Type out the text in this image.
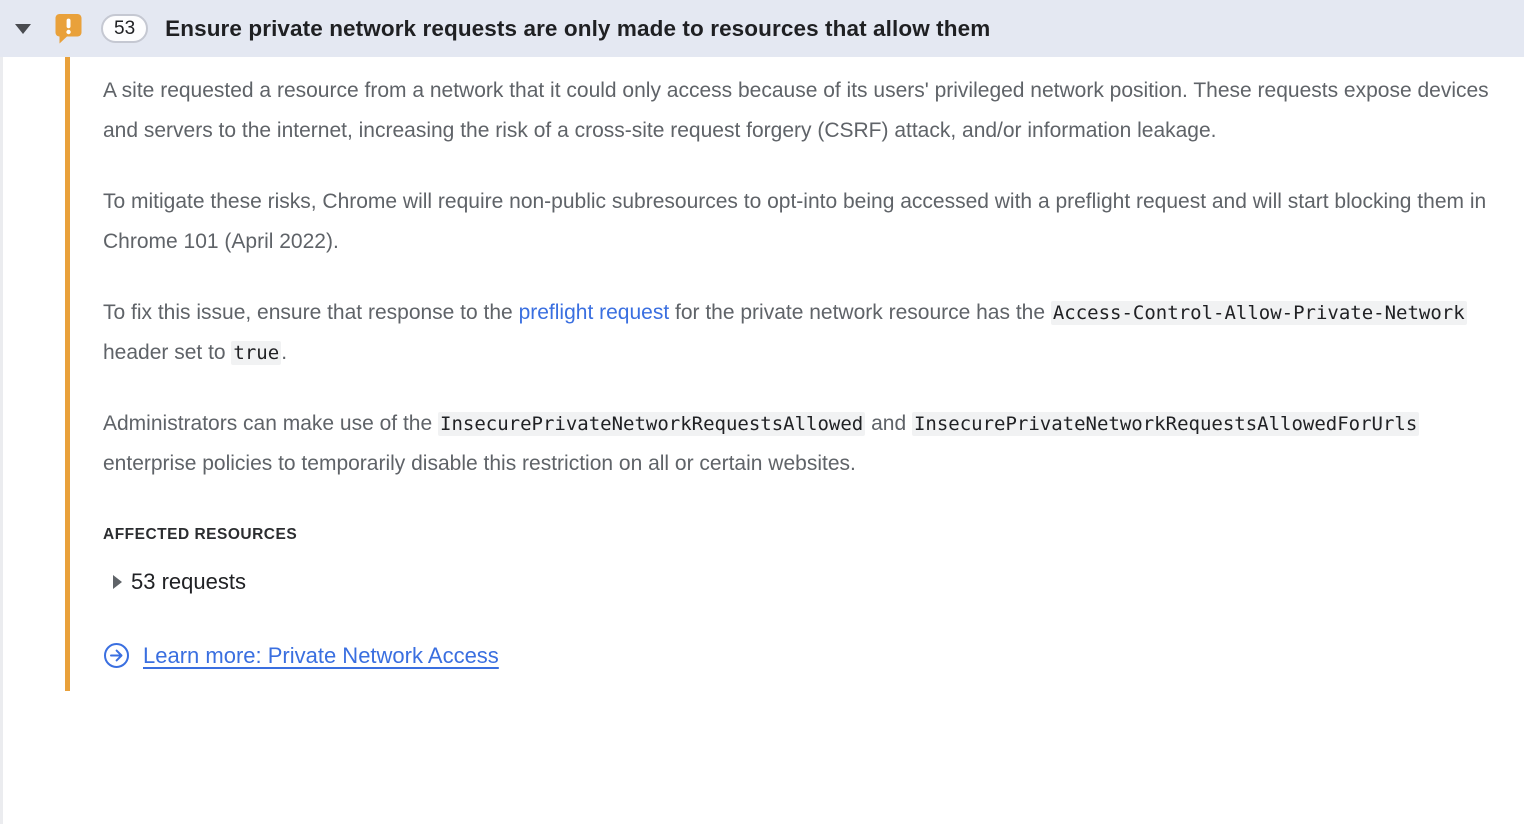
53	Ensure private network requests are only made to resources that allow them

A site requested a resource from a network that it could only access because of its users' privileged network position. These requests expose devices and servers to the internet, increasing the risk of a cross-site request forgery (CSRF) attack, and/or information leakage.

To mitigate these risks, Chrome will require non-public subresources to opt-into being accessed with a preflight request and will start blocking them in Chrome 101 (April 2022).

To fix this issue, ensure that response to the preflight request for the private network resource has the Access-Control-Allow-Private-Network header set to true.

Administrators can make use of the InsecurePrivateNetworkRequestsAllowed and InsecurePrivateNetworkRequestsAllowedForUrls enterprise policies to temporarily disable this restriction on all or certain websites.

AFFECTED RESOURCES
53 requests
Learn more: Private Network Access
